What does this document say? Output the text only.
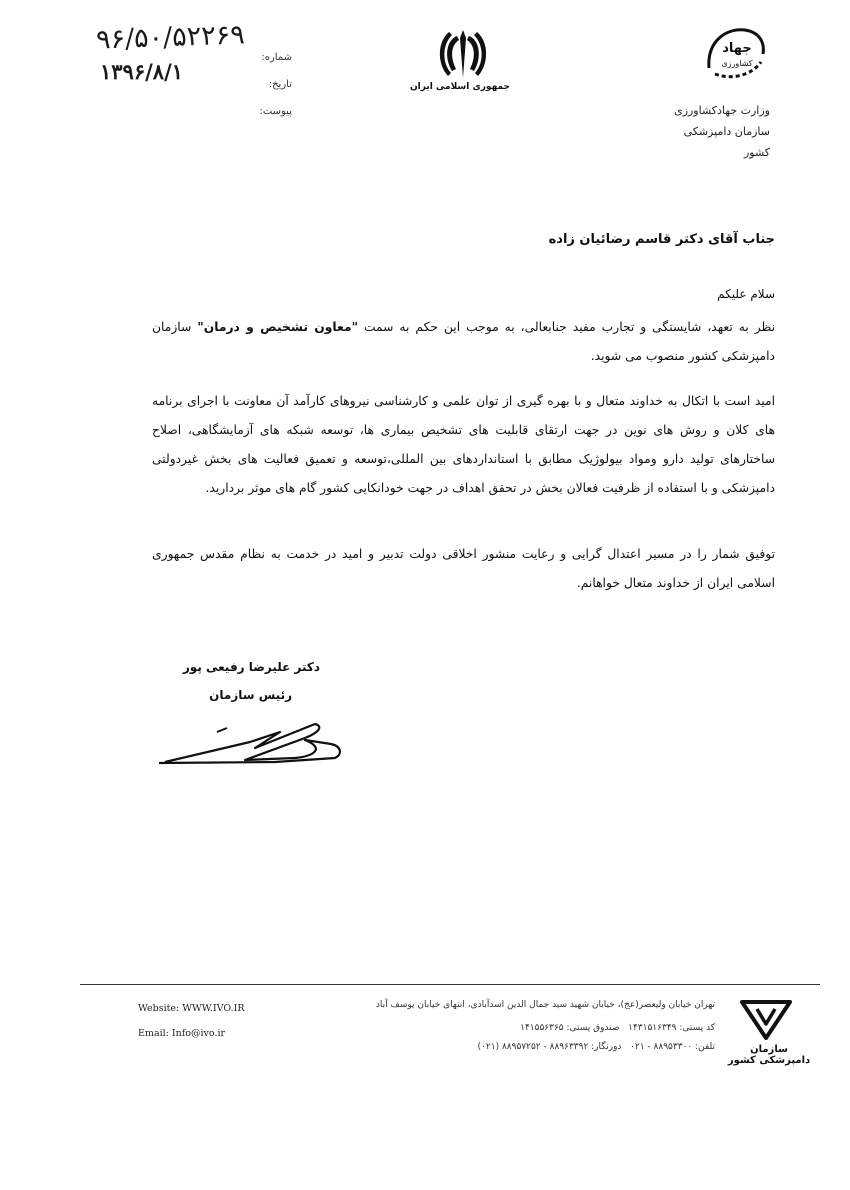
شماره:
تاریخ:
پیوست:
۹۶/۵۰/۵۲۲۶۹
۱۳۹۶/۸/۱
جمهوری اسلامی ایران
جهاد
کشاورزی
وزارت جهادکشاورزی
سازمان دامپزشکی کشور
جناب آقای دکتر قاسم رضائیان زاده
سلام علیکم
نظر به تعهد، شایستگی و تجارب مفید جنابعالی، به موجب این حکم به سمت "معاون تشخیص و درمان" سازمان دامپزشکی کشور منصوب می شوید.
امید است با اتکال به خداوند متعال و با بهره گیری از توان علمی و کارشناسی نیروهای کارآمد آن معاونت با اجرای برنامه های کلان و روش های نوین در جهت ارتقای قابلیت های تشخیص بیماری ها، توسعه شبکه های آزمایشگاهی، اصلاح ساختارهای تولید دارو ومواد بیولوژیک مطابق با استانداردهای بین المللی،توسعه و تعمیق فعالیت های بخش غیردولتی دامپزشکی و با استفاده از ظرفیت فعالان بخش در تحقق اهداف در جهت خودانکایی کشور گام های موثر بردارید.
توفیق شمار را در مسیر اعتدال گرایی و رعایت منشور اخلاقی دولت تدبیر و امید در خدمت به نظام مقدس جمهوری اسلامی ایران از خداوند متعال خواهانم.
دکتر علیرضا رفیعی پور
رئیس سازمان
Website: WWW.IVO.IR
Email: Info@ivo.ir
تهران خیابان ولیعصر(عج)، خیابان شهید سید جمال الدین اسدآبادی، انتهای خیابان یوسف آباد
کد پستی: ۱۴۳۱۵۱۶۳۴۹   صندوق پستی: ۱۴۱۵۵۶۳۶۵
تلفن: ۸۸۹۵۳۳۰۰ - ۰۲۱   دورنگار: ۸۸۹۶۳۳۹۲ - ۸۸۹۵۷۲۵۲ (۰۲۱)	سازمان دامپزشکی کشور
